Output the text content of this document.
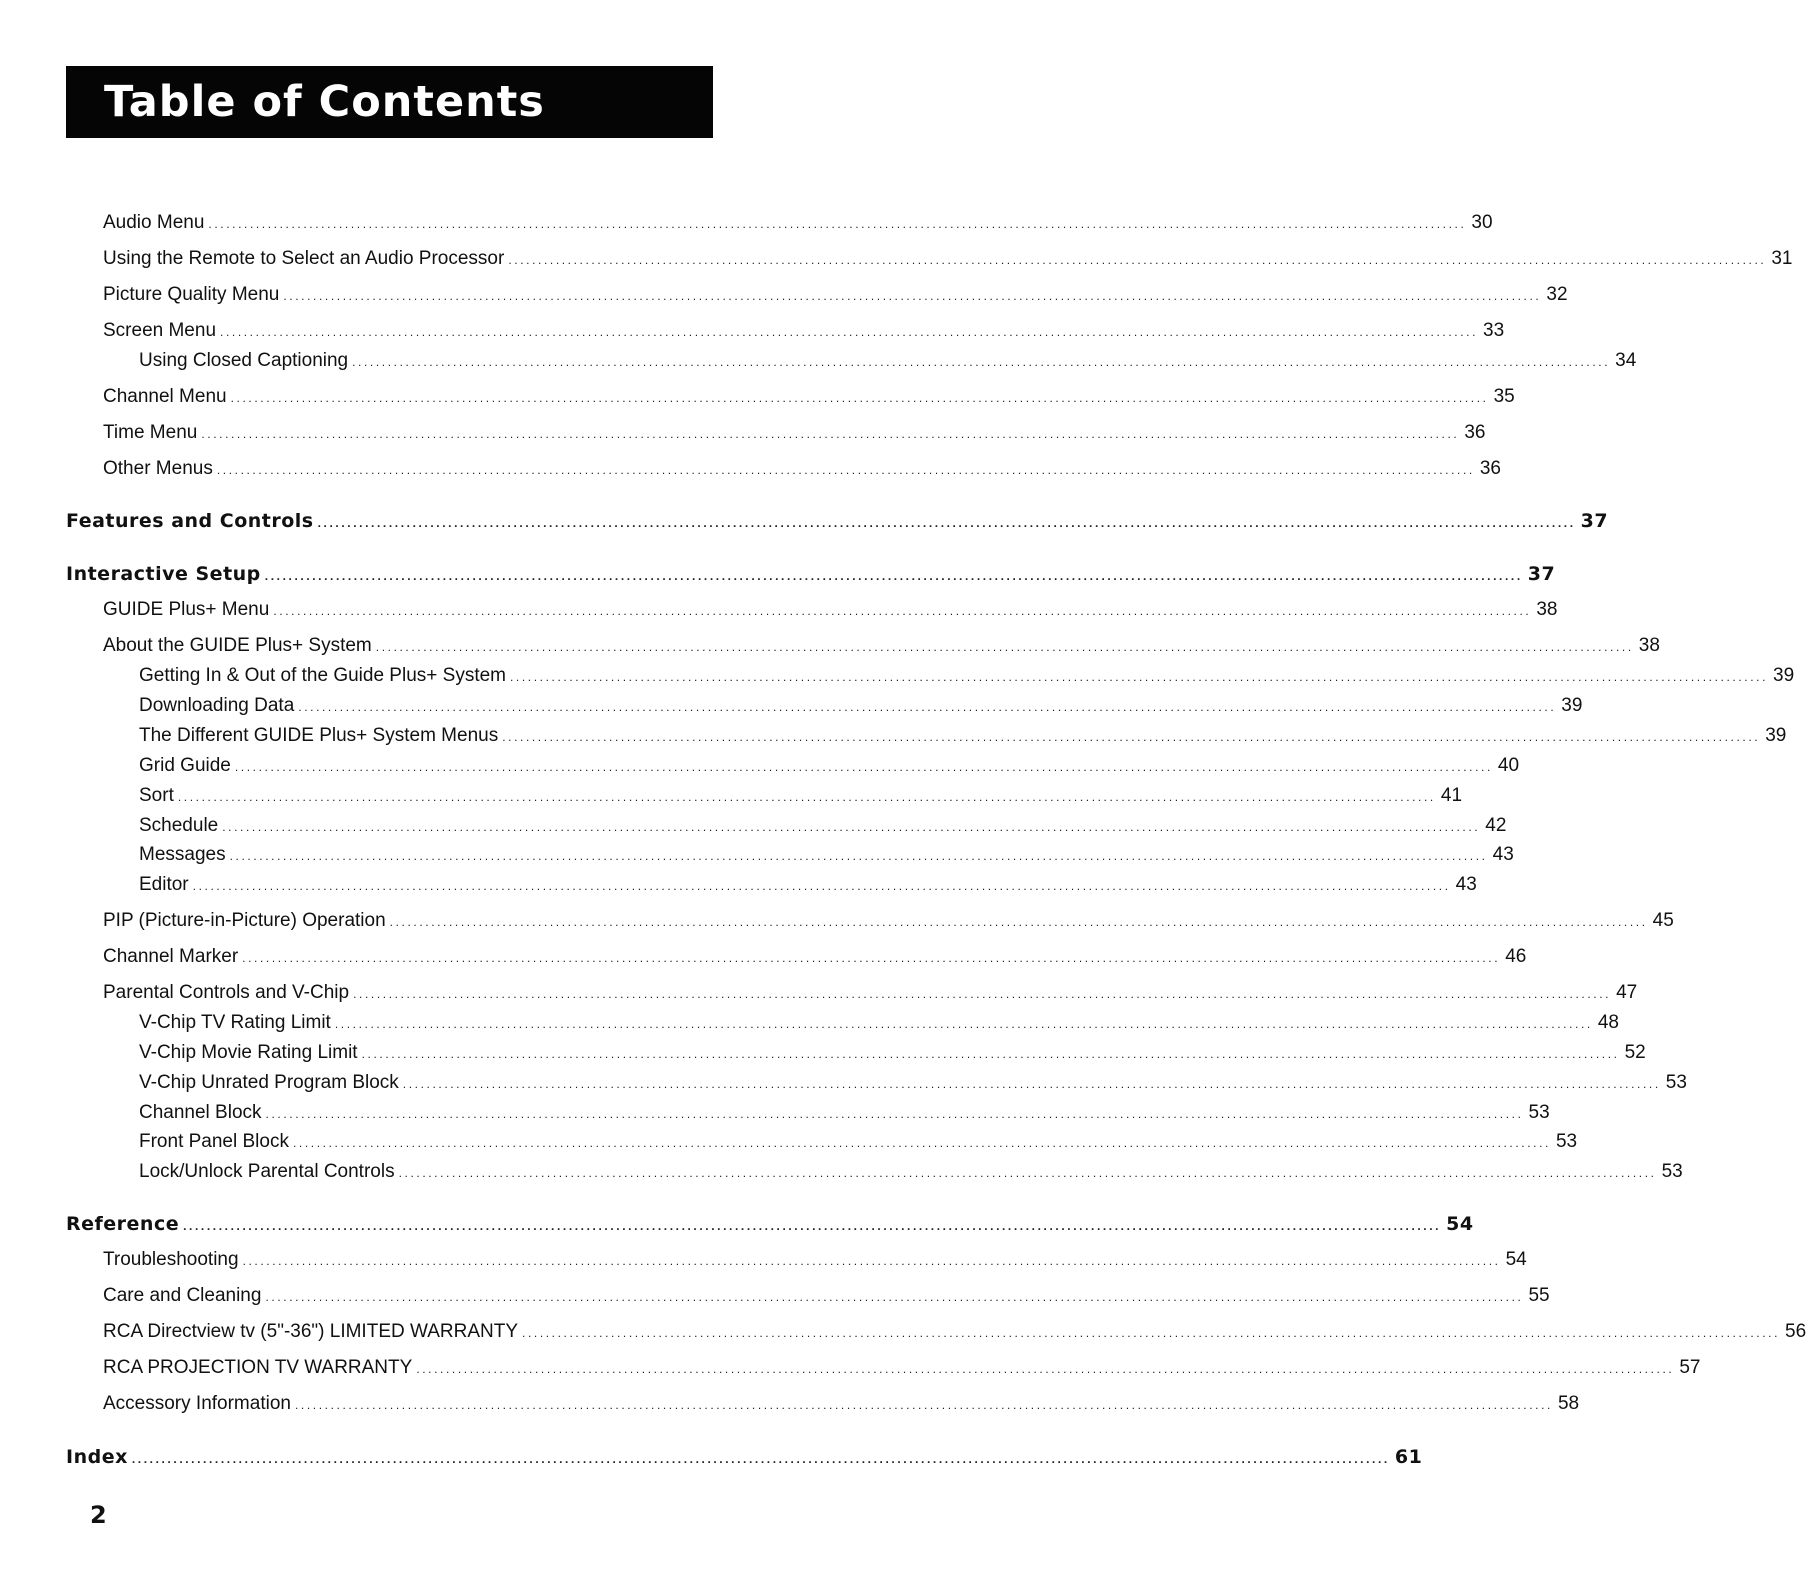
Table of Contents
Audio Menu .................................................................................................................................................................................................................... 30
Using the Remote to Select an Audio Processor .................................................................................................................................................................................................................... 31
Picture Quality Menu .................................................................................................................................................................................................................... 32
Screen Menu .................................................................................................................................................................................................................... 33
Using Closed Captioning .................................................................................................................................................................................................................... 34
Channel Menu .................................................................................................................................................................................................................... 35
Time Menu .................................................................................................................................................................................................................... 36
Other Menus .................................................................................................................................................................................................................... 36
Features and Controls .................................................................................................................................................................................................................... 37
Interactive Setup .................................................................................................................................................................................................................... 37
GUIDE Plus+ Menu .................................................................................................................................................................................................................... 38
About the GUIDE Plus+ System .................................................................................................................................................................................................................... 38
Getting In & Out of the Guide Plus+ System .................................................................................................................................................................................................................... 39
Downloading Data .................................................................................................................................................................................................................... 39
The Different GUIDE Plus+ System Menus .................................................................................................................................................................................................................... 39
Grid Guide .................................................................................................................................................................................................................... 40
Sort .................................................................................................................................................................................................................... 41
Schedule .................................................................................................................................................................................................................... 42
Messages .................................................................................................................................................................................................................... 43
Editor .................................................................................................................................................................................................................... 43
PIP (Picture-in-Picture) Operation .................................................................................................................................................................................................................... 45
Channel Marker .................................................................................................................................................................................................................... 46
Parental Controls and V-Chip .................................................................................................................................................................................................................... 47
V-Chip TV Rating Limit .................................................................................................................................................................................................................... 48
V-Chip Movie Rating Limit .................................................................................................................................................................................................................... 52
V-Chip Unrated Program Block .................................................................................................................................................................................................................... 53
Channel Block .................................................................................................................................................................................................................... 53
Front Panel Block .................................................................................................................................................................................................................... 53
Lock/Unlock Parental Controls .................................................................................................................................................................................................................... 53
Reference .................................................................................................................................................................................................................... 54
Troubleshooting .................................................................................................................................................................................................................... 54
Care and Cleaning .................................................................................................................................................................................................................... 55
RCA Directview tv (5"-36") LIMITED WARRANTY .................................................................................................................................................................................................................... 56
RCA PROJECTION TV WARRANTY .................................................................................................................................................................................................................... 57
Accessory Information .................................................................................................................................................................................................................... 58
Index .................................................................................................................................................................................................................... 61
2
